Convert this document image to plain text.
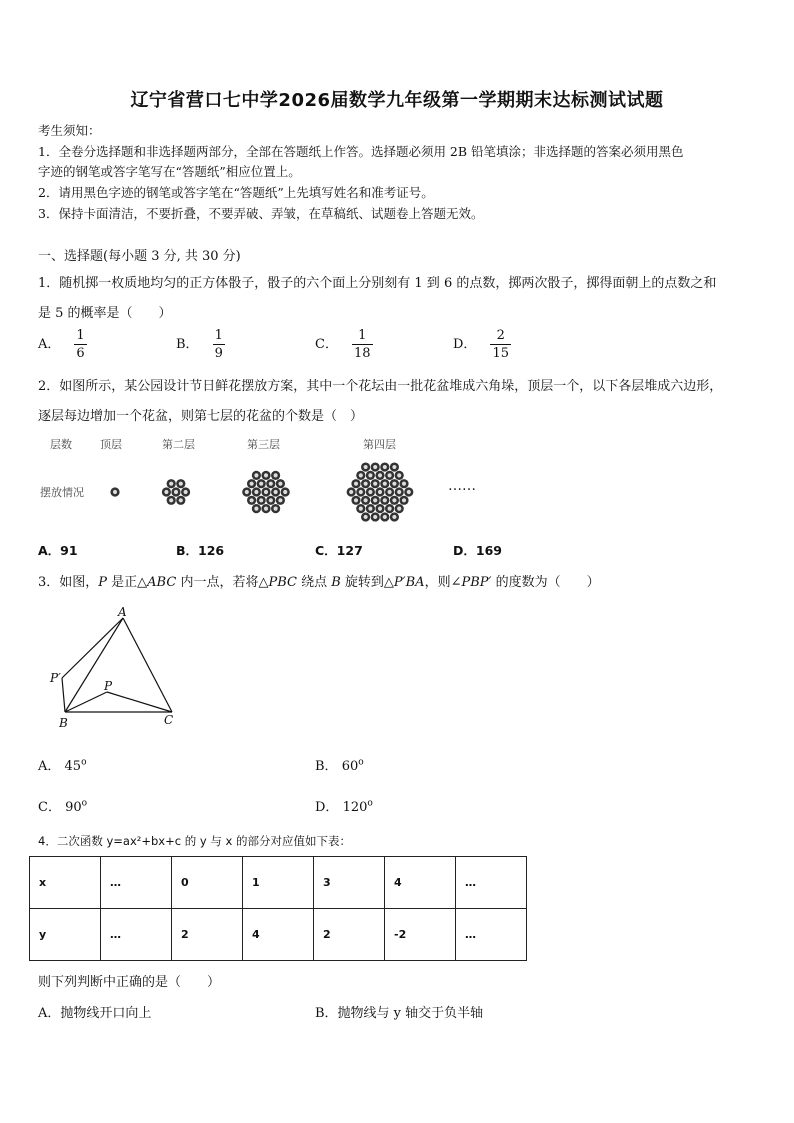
辽宁省营口七中学2026届数学九年级第一学期期末达标测试试题
考生须知：
1．全卷分选择题和非选择题两部分，全部在答题纸上作答。选择题必须用 2B 铅笔填涂；非选择题的答案必须用黑色
字迹的钢笔或答字笔写在“答题纸”相应位置上。
2．请用黑色字迹的钢笔或答字笔在“答题纸”上先填写姓名和准考证号。
3．保持卡面清洁，不要折叠，不要弄破、弄皱，在草稿纸、试题卷上答题无效。
一、选择题(每小题 3 分, 共 30 分)
1．随机掷一枚质地均匀的正方体骰子，骰子的六个面上分别刻有 1 到 6 的点数，掷两次骰子，掷得面朝上的点数之和
是 5 的概率是（　　）
A． $\frac{1}{6}$	B． $\frac{1}{9}$	C． $\frac{1}{18}$	D． $\frac{2}{15}$
2．如图所示，某公园设计节日鲜花摆放方案，其中一个花坛由一批花盆堆成六角垛，顶层一个，以下各层堆成六边形，
逐层每边增加一个花盆，则第七层的花盆的个数是（　）
层数	顶层	第二层	第三层	第四层
摆放情况	……
A．91	B．126	C．127	D．169
3．如图，P 是正△ABC 内一点，若将△PBC 绕点 B 旋转到△P′BA，则∠PBP′ 的度数为（　　）
A
P′
P
B	C
A． 45$^o$	B． 60$^o$
C． 90$^o$	D． 120$^o$
4．二次函数 y=ax²+bx+c 的 y 与 x 的部分对应值如下表：
x	…	0	1	3	4	…
y	…	2	4	2	-2	…
则下列判断中正确的是（　　）
A．抛物线开口向上	B．抛物线与 y 轴交于负半轴
